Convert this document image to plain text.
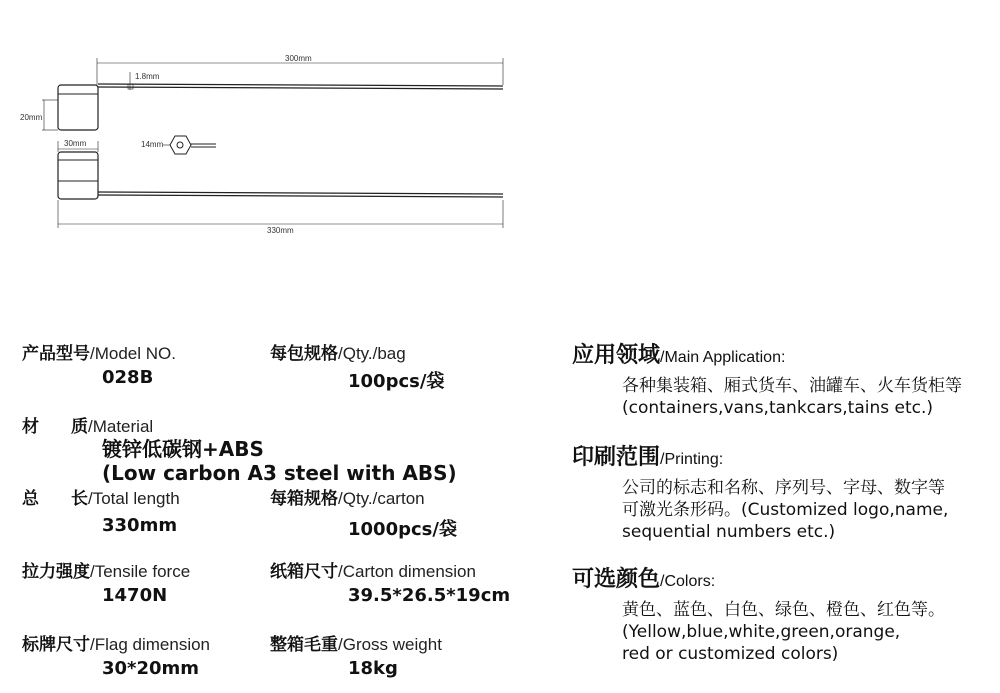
300mm
1.8mm
20mm
14mm
30mm
330mm
产品型号/Model NO.
028B
每包规格/Qty./bag
100pcs/袋
材 质/Material
镀锌低碳钢+ABS
(Low carbon A3 steel with ABS)
总 长/Total length
330mm
每箱规格/Qty./carton
1000pcs/袋
拉力强度/Tensile force
1470N
纸箱尺寸/Carton dimension
39.5*26.5*19cm
标牌尺寸/Flag dimension
30*20mm
整箱毛重/Gross weight
18kg
应用领域/Main Application:
各种集装箱、厢式货车、油罐车、火车货柜等
(containers,vans,tankcars,tains etc.)
印刷范围/Printing:
公司的标志和名称、序列号、字母、数字等
可激光条形码。(Customized logo,name,
sequential numbers etc.)
可选颜色/Colors:
黄色、蓝色、白色、绿色、橙色、红色等。
(Yellow,blue,white,green,orange,
red or customized colors)
